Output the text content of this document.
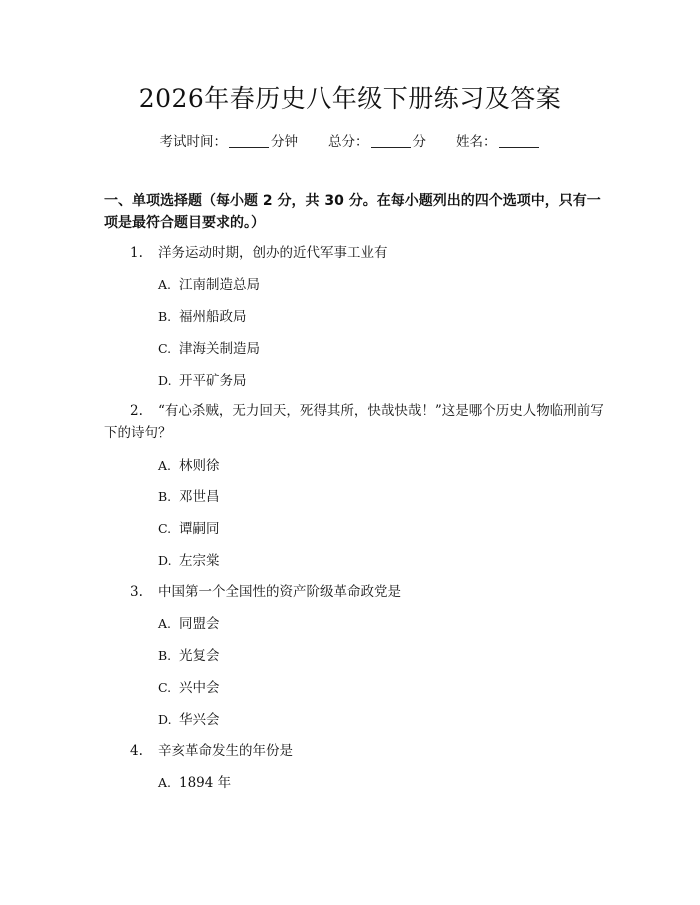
2026年春历史八年级下册练习及答案
考试时间：	分钟 总分：	分 姓名：
一、单项选择题（每小题 2 分，共 30 分。在每小题列出的四个选项中，只有一项是最符合题目要求的。）
1. 洋务运动时期，创办的近代军事工业有
A. 江南制造总局
B. 福州船政局
C. 津海关制造局
D. 开平矿务局
2. “有心杀贼，无力回天，死得其所，快哉快哉！”这是哪个历史人物临刑前写下的诗句？
A. 林则徐
B. 邓世昌
C. 谭嗣同
D. 左宗棠
3. 中国第一个全国性的资产阶级革命政党是
A. 同盟会
B. 光复会
C. 兴中会
D. 华兴会
4. 辛亥革命发生的年份是
A. 1894 年
